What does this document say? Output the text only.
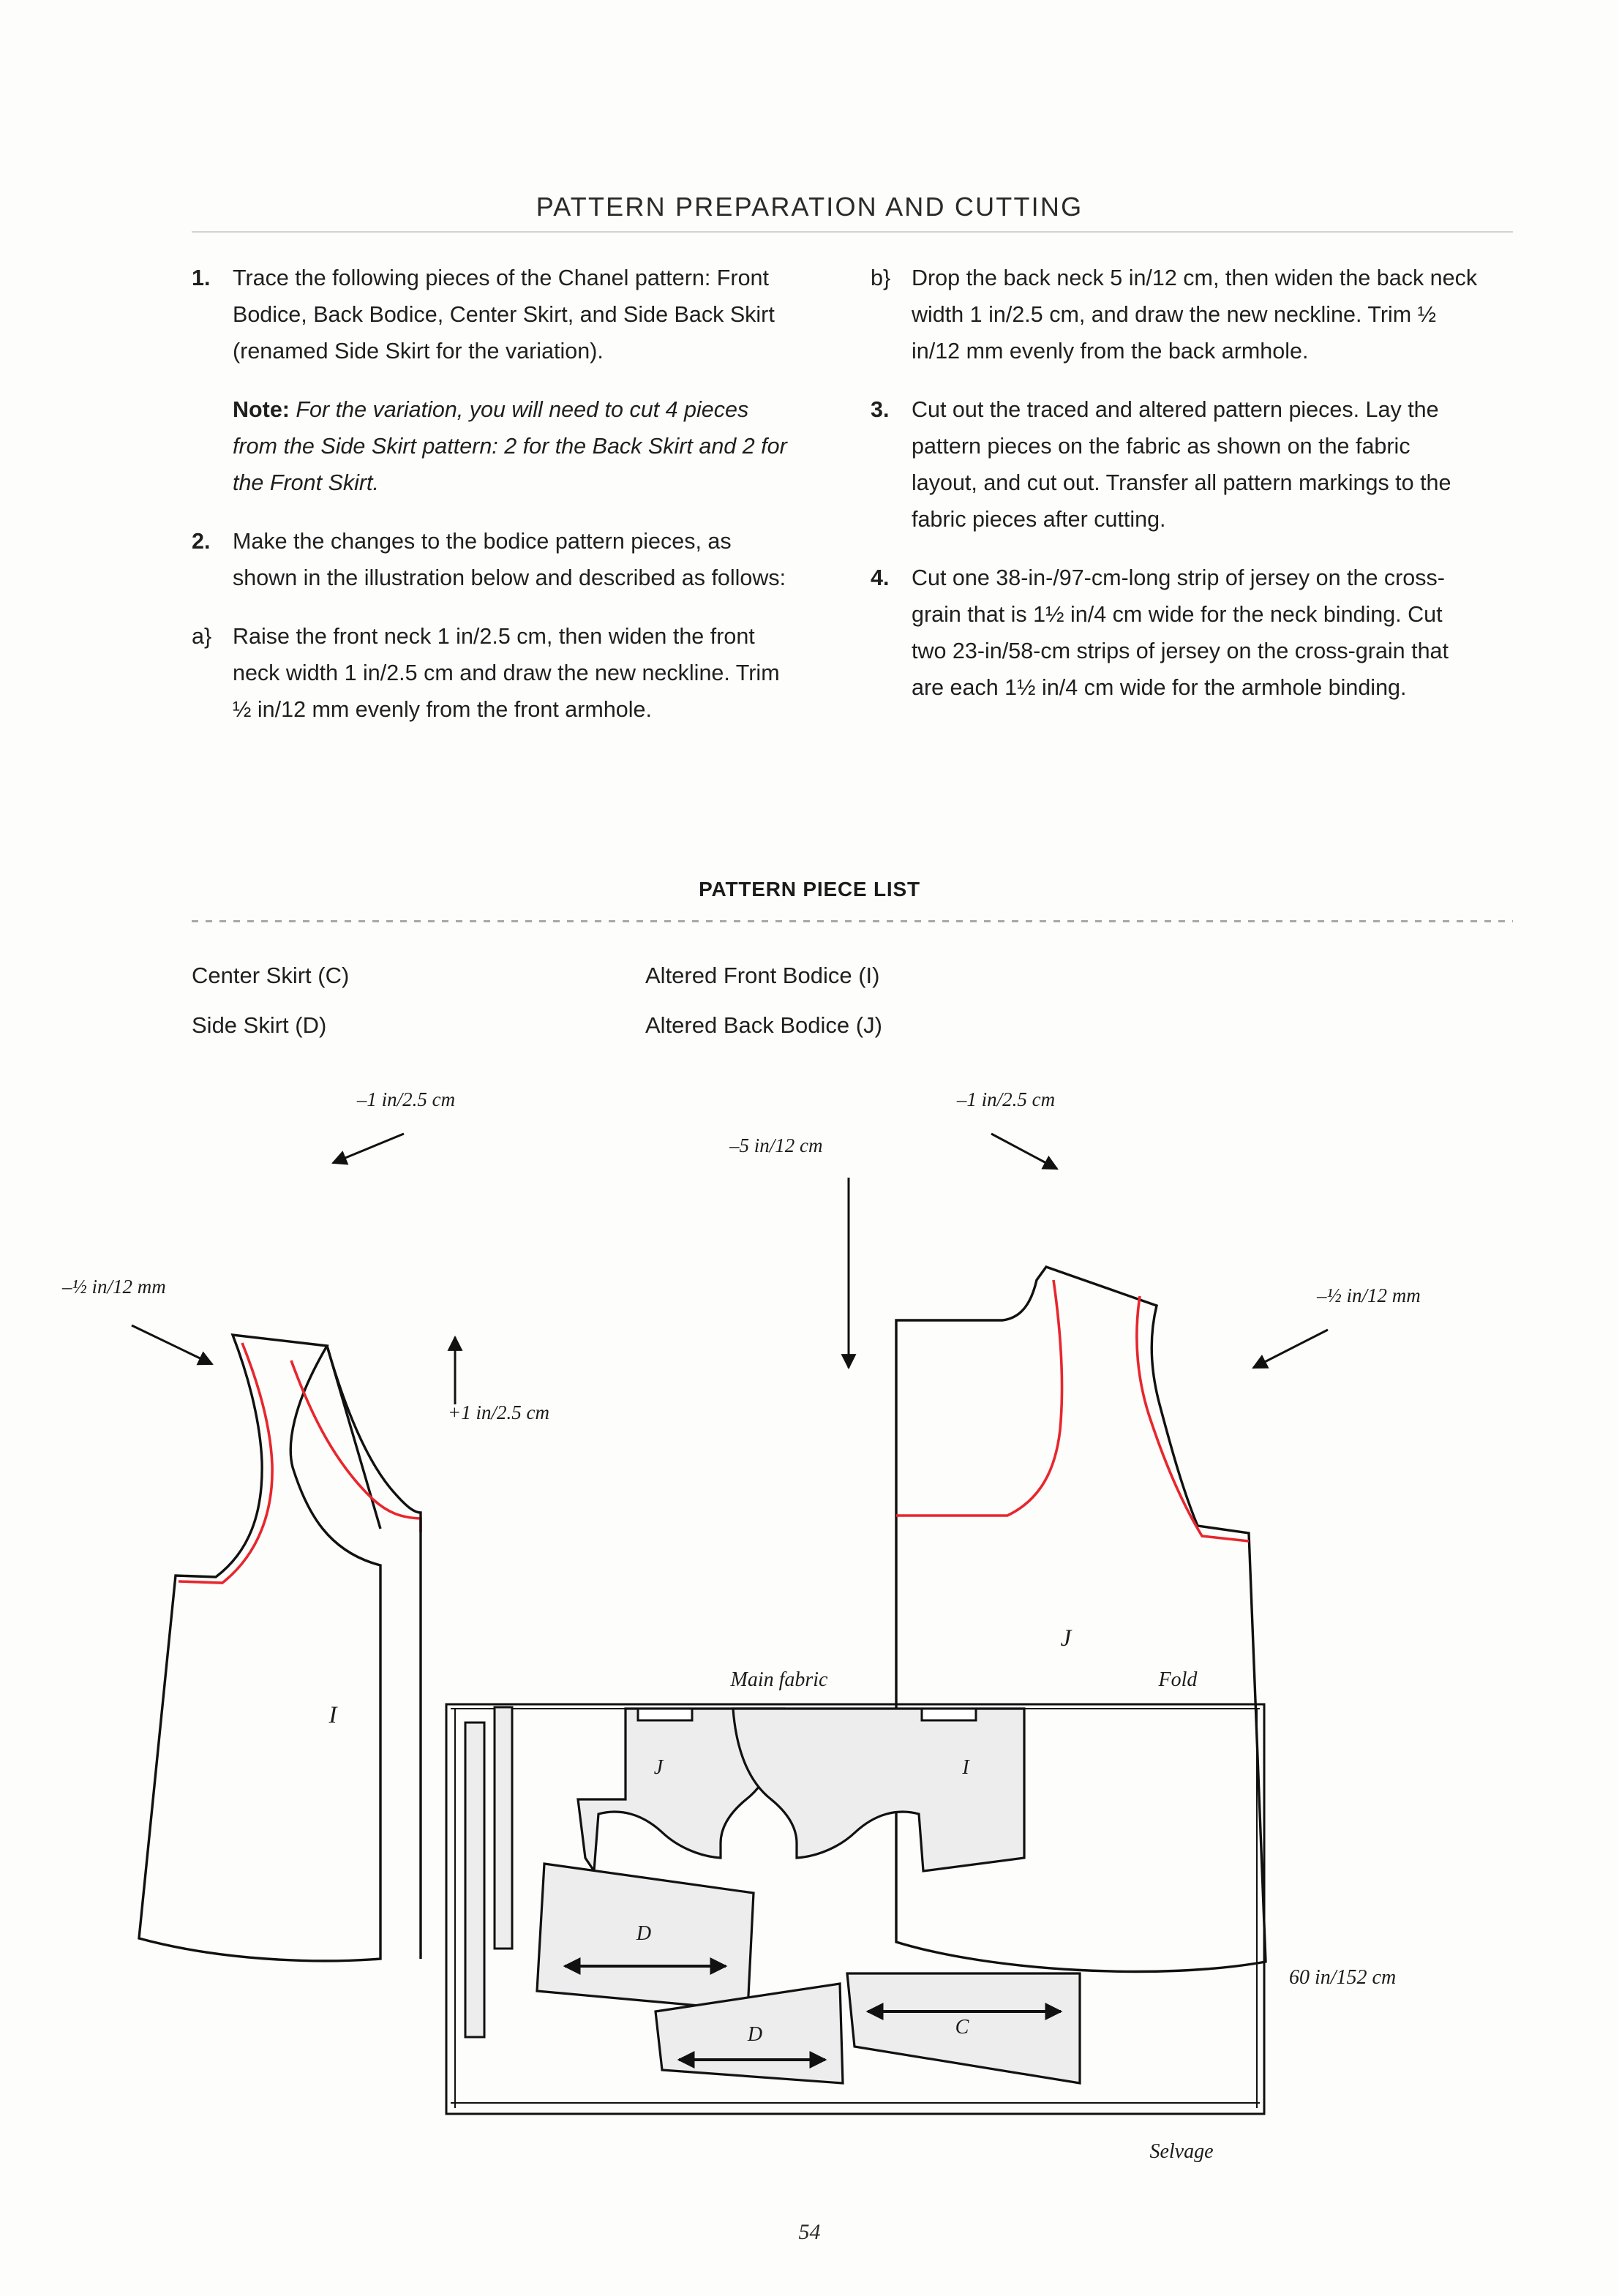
PATTERN PREPARATION AND CUTTING
1.	Trace the following pieces of the Chanel pattern: Front Bodice, Back Bodice, Center Skirt, and Side Back Skirt (renamed Side Skirt for the variation).

Note: For the variation, you will need to cut 4 pieces from the Side Skirt pattern: 2 for the Back Skirt and 2 for the Front Skirt.

2.	Make the changes to the bodice pattern pieces, as shown in the illustration below and described as follows:
a} Raise the front neck 1 in/2.5 cm, then widen the front neck width 1 in/2.5 cm and draw the new neckline. Trim ½ in/12 mm evenly from the front armhole.
b} Drop the back neck 5 in/12 cm, then widen the back neck width 1 in/2.5 cm, and draw the new neckline. Trim ½ in/12 mm evenly from the back armhole.
3.	Cut out the traced and altered pattern pieces. Lay the pattern pieces on the fabric as shown on the fabric layout, and cut out. Transfer all pattern markings to the fabric pieces after cutting.
4.	Cut one 38-in-/97-cm-long strip of jersey on the cross-grain that is 1½ in/4 cm wide for the neck binding. Cut two 23-in/58-cm strips of jersey on the cross-grain that are each 1½ in/4 cm wide for the armhole binding.
PATTERN PIECE LIST
Center Skirt (C)	Altered Front Bodice (I)
Side Skirt (D)	Altered Back Bodice (J)
I
–1 in/2.5 cm
–½ in/12 mm
+1 in/2.5 cm
J
–1 in/2.5 cm
–5 in/12 cm
–½ in/12 mm
Main fabric	Fold
J	I
D
D	C
60 in/152 cm
Selvage
54
